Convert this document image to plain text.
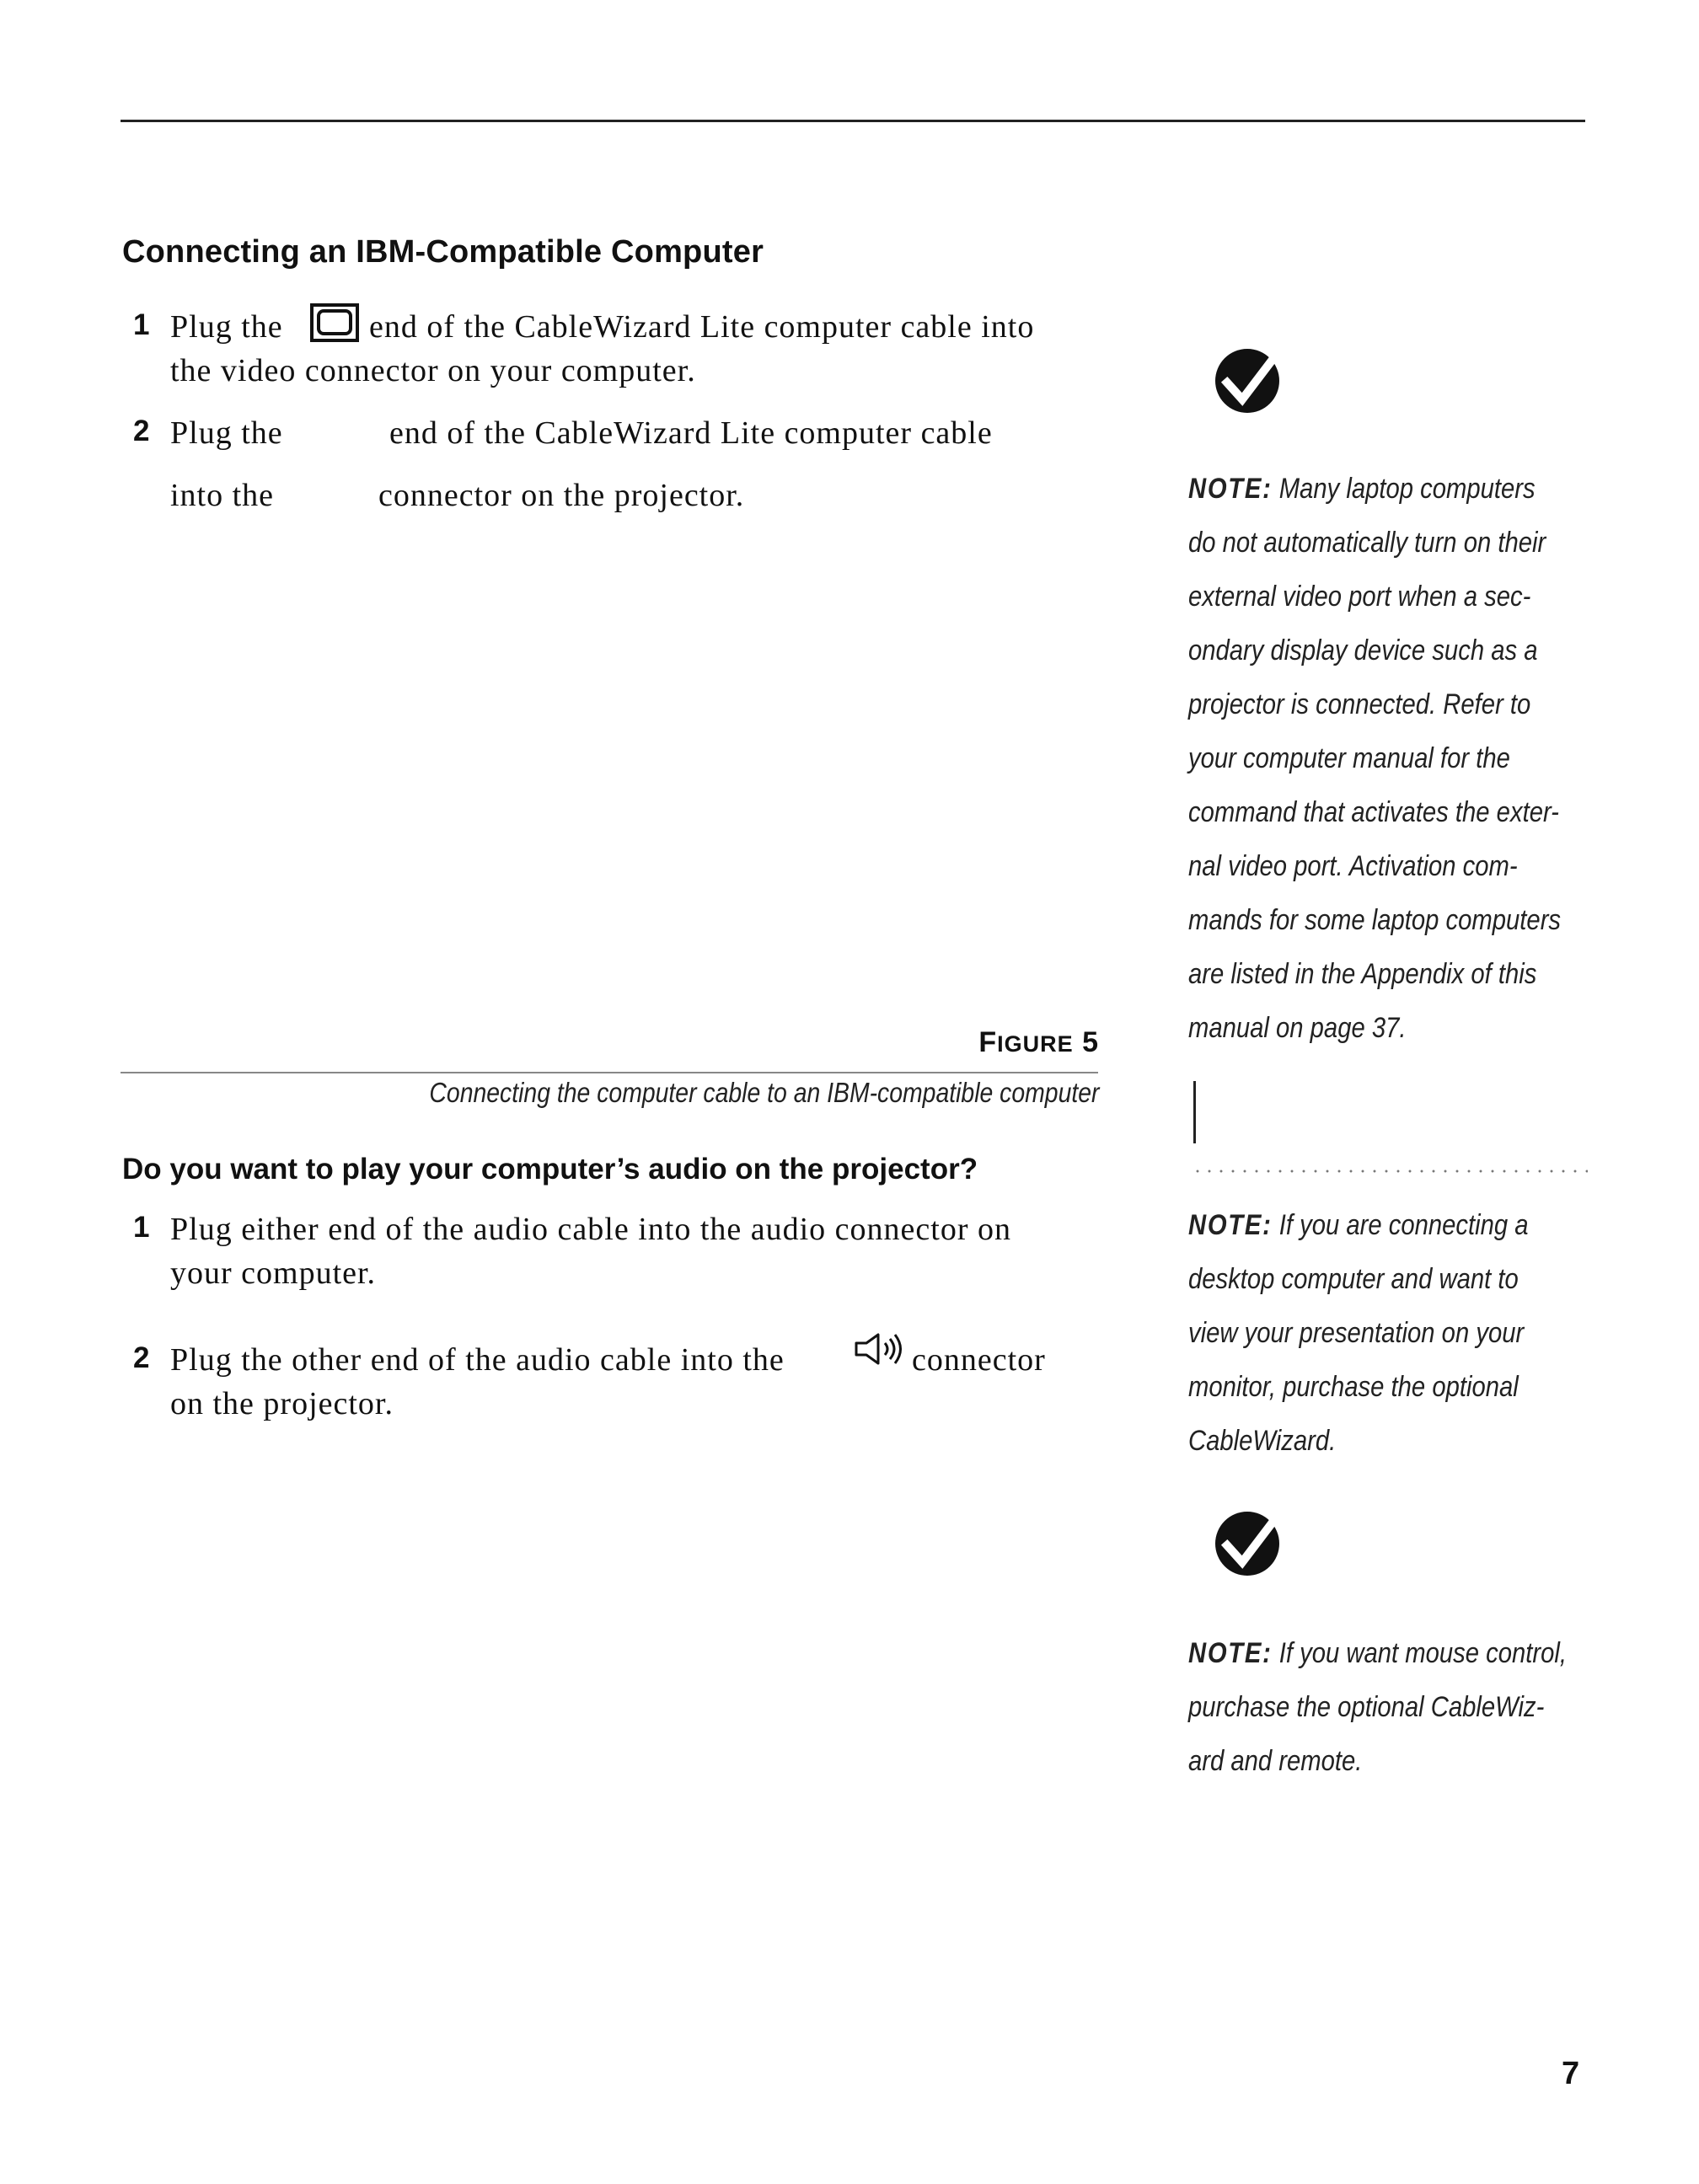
Connecting an IBM-Compatible Computer
1 Plug the	end of the CableWizard Lite computer cable into
the video connector on your computer.
2 Plug the	end of the CableWizard Lite computer cable
into the	connector on the projector.
FIGURE 5
Connecting the computer cable to an IBM-compatible computer
Do you want to play your computer’s audio on the projector?
1 Plug either end of the audio cable into the audio connector on
your computer.
2 Plug the other end of the audio cable into the	connector
on the projector.
NOTE: Many laptop computers
do not automatically turn on their
external video port when a sec-
ondary display device such as a
projector is connected. Refer to
your computer manual for the
command that activates the exter-
nal video port. Activation com-
mands for some laptop computers
are listed in the Appendix of this
manual on page 37.
NOTE: If you are connecting a
desktop computer and want to
view your presentation on your
monitor, purchase the optional
CableWizard.
NOTE: If you want mouse control,
purchase the optional CableWiz-
ard and remote.
7
